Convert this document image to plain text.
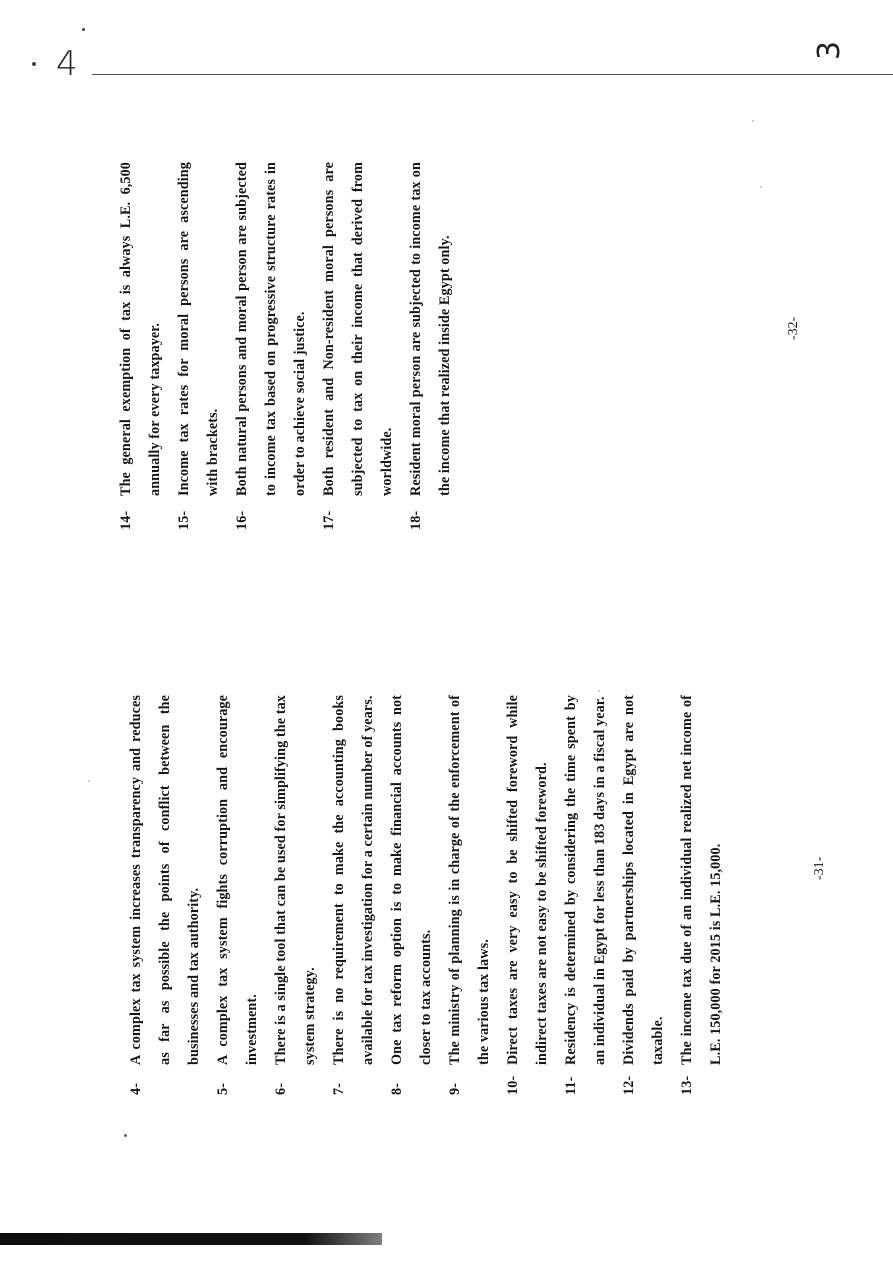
4	3
4-
A complex tax system increases transparency and reduces as far as possible the points of conflict between the businesses and tax authority.
5-
A complex tax system fights corruption and encourage investment.
6-
There is a single tool that can be used for simplifying the tax system strategy.
7-
There is no requirement to make the accounting books available for tax investigation for a certain number of years.
8-
One tax reform option is to make financial accounts not closer to tax accounts.
9-
The ministry of planning is in charge of the enforcement of the various tax laws.
10-
Direct taxes are very easy to be shifted foreword while indirect taxes are not easy to be shifted foreword.
11-
Residency is determined by considering the time spent by an individual in Egypt for less than 183 days in a fiscal year.
12-
Dividends paid by partnerships located in Egypt are not taxable.
13-
The income tax due of an individual realized net income of L.E. 150,000 for 2015 is L.E. 15,000.
14-
The general exemption of tax is always L.E. 6,500 annually for every taxpayer.
15-
Income tax rates for moral persons are ascending with brackets.
16-
Both natural persons and moral person are subjected to income tax based on progressive structure rates in order to achieve social justice.
17-
Both resident and Non-resident moral persons are subjected to tax on their income that derived from worldwide.
18-
Resident moral person are subjected to income tax on the income that realized inside Egypt only.
-31-
-32-
